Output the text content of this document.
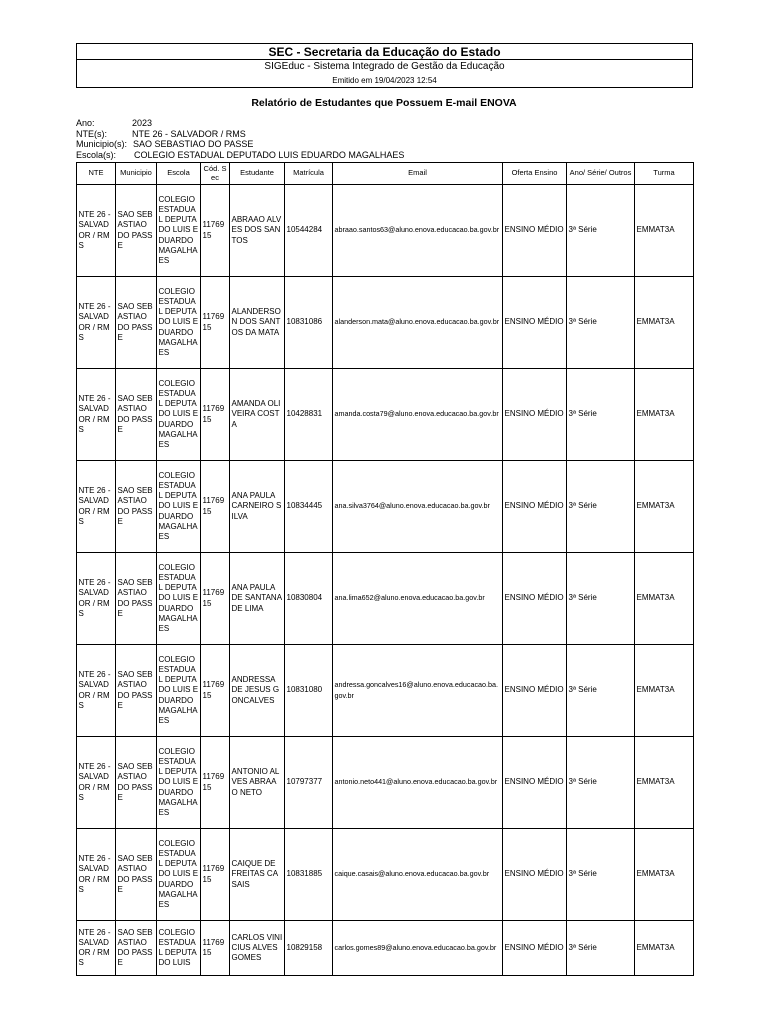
SEC - Secretaria da Educação do Estado
SIGEduc - Sistema Integrado de Gestão da Educação
Emitido em 19/04/2023 12:54
Relatório de Estudantes que Possuem E-mail ENOVA
Ano:	2023
NTE(s):	NTE 26 - SALVADOR / RMS
Municipio(s): SAO SEBASTIAO DO PASSE
Escola(s):	COLEGIO ESTADUAL DEPUTADO LUIS EDUARDO MAGALHAES
NTE	Municipio	Escola	Cód. Sec	Estudante	Matrícula	Email	Oferta Ensino	Ano/ Série/ Outros	Turma
NTE 26 - SALVADOR / RMS	SAO SEBASTIAO DO PASSE	COLEGIO ESTADUAL DEPUTADO LUIS EDUARDO MAGALHAES	1176915	ABRAAO ALVES DOS SANTOS	10544284	abraao.santos63@aluno.enova.educacao.ba.gov.br	ENSINO MÉDIO	3ª Série	EMMAT3A
NTE 26 - SALVADOR / RMS	SAO SEBASTIAO DO PASSE	COLEGIO ESTADUAL DEPUTADO LUIS EDUARDO MAGALHAES	1176915	ALANDERSON DOS SANTOS DA MATA	10831086	alanderson.mata@aluno.enova.educacao.ba.gov.br	ENSINO MÉDIO	3ª Série	EMMAT3A
NTE 26 - SALVADOR / RMS	SAO SEBASTIAO DO PASSE	COLEGIO ESTADUAL DEPUTADO LUIS EDUARDO MAGALHAES	1176915	AMANDA OLIVEIRA COSTA	10428831	amanda.costa79@aluno.enova.educacao.ba.gov.br	ENSINO MÉDIO	3ª Série	EMMAT3A
NTE 26 - SALVADOR / RMS	SAO SEBASTIAO DO PASSE	COLEGIO ESTADUAL DEPUTADO LUIS EDUARDO MAGALHAES	1176915	ANA PAULA CARNEIRO SILVA	10834445	ana.silva3764@aluno.enova.educacao.ba.gov.br	ENSINO MÉDIO	3ª Série	EMMAT3A
NTE 26 - SALVADOR / RMS	SAO SEBASTIAO DO PASSE	COLEGIO ESTADUAL DEPUTADO LUIS EDUARDO MAGALHAES	1176915	ANA PAULA DE SANTANA DE LIMA	10830804	ana.lima652@aluno.enova.educacao.ba.gov.br	ENSINO MÉDIO	3ª Série	EMMAT3A
NTE 26 - SALVADOR / RMS	SAO SEBASTIAO DO PASSE	COLEGIO ESTADUAL DEPUTADO LUIS EDUARDO MAGALHAES	1176915	ANDRESSA DE JESUS GONCALVES	10831080	andressa.goncalves16@aluno.enova.educacao.ba.gov.br	ENSINO MÉDIO	3ª Série	EMMAT3A
NTE 26 - SALVADOR / RMS	SAO SEBASTIAO DO PASSE	COLEGIO ESTADUAL DEPUTADO LUIS EDUARDO MAGALHAES	1176915	ANTONIO ALVES ABRAAO NETO	10797377	antonio.neto441@aluno.enova.educacao.ba.gov.br	ENSINO MÉDIO	3ª Série	EMMAT3A
NTE 26 - SALVADOR / RMS	SAO SEBASTIAO DO PASSE	COLEGIO ESTADUAL DEPUTADO LUIS EDUARDO MAGALHAES	1176915	CAIQUE DE FREITAS CASAIS	10831885	caique.casais@aluno.enova.educacao.ba.gov.br	ENSINO MÉDIO	3ª Série	EMMAT3A
NTE 26 - SALVADOR / RMS	SAO SEBASTIAO DO PASSE	COLEGIO ESTADUAL DEPUTADO LUIS	1176915	CARLOS VINICIUS ALVES GOMES	10829158	carlos.gomes89@aluno.enova.educacao.ba.gov.br	ENSINO MÉDIO	3ª Série	EMMAT3A
